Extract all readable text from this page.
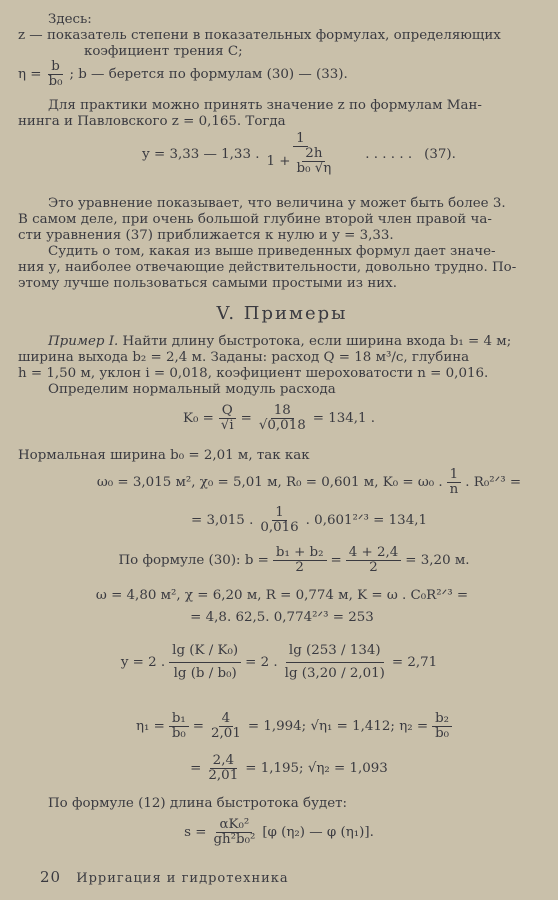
Здесь:
z — показатель степени в показательных формулах, определяющих
коэфициент трения С;
$\eta = \frac{b}{\text{b₀}}$ ; b — берется по формулам (30) — (33).
Для практики можно принять значение z по формулам Ман-
нинга и Павловского z = 0,165. Тогда
y = 3,33 — 1,33 . $\frac{1}{1 + \frac{2h}{\text{b₀ √η}}}$ . . . . . . (37).
Это уравнение показывает, что величина у может быть более 3.
В самом деле, при очень большой глубине второй член правой ча-
сти уравнения (37) приближается к нулю и у = 3,33.
Судить о том, какая из выше приведенных формул дает значе-
ния у, наиболее отвечающие действительности, довольно трудно. По-
этому лучше пользоваться самыми простыми из них.
V. Примеры
Пример I. Найти длину быстротока, если ширина входа b₁ = 4 м;
ширина выхода b₂ = 2,4 м. Заданы: расход Q = 18 м³/с, глубина
h = 1,50 м, уклон i = 0,018, коэфициент шероховатости n = 0,016.
Определим нормальный модуль расхода
$K_0 = \frac{Q}{√i} = \frac{18}{√0,018} = 134,1$ .
Нормальная ширина b₀ = 2,01 м, так как
ω₀ = 3,015 м², χ₀ = 5,01 м, R₀ = 0,601 м, K₀ = ω₀ . $\frac{1}{n}$ . R₀²ᐟ³ =
= 3,015 . $\frac{1}{0,016}$ . 0,601²ᐟ³ = 134,1
По формуле (30): $b = \frac{\text{b₁ + b₂}}{2} = \frac{4 + 2,4}{2} = 3,20$ м.
ω = 4,80 м², χ = 6,20 м, R = 0,774 м, K = ω . C₀R²ᐟ³ =
= 4,8. 62,5. 0,774²ᐟ³ = 253
y = 2 . $\frac{\text{lg (K / K₀)}}{\text{lg (b / b₀)}} = 2$ . $\frac{\lg (253 / 134)}{\lg (3,20 / 2,01)} = 2,71$
$\eta_1 = \frac{\text{b₁}}{\text{b₀}} = \frac{4}{2,01} = 1,994$; √η₁ = 1,412; $\eta_2 = \frac{\text{b₂}}{\text{b₀}}$
= $\frac{2,4}{2,01} = 1,195$; √η₂ = 1,093
По формуле (12) длина быстротока будет:
$s = \frac{\text{αK₀²}}{\text{gh²b₀²}} [\varphi$ (η₂) — φ (η₁)].
20 Ирригация и гидротехника
